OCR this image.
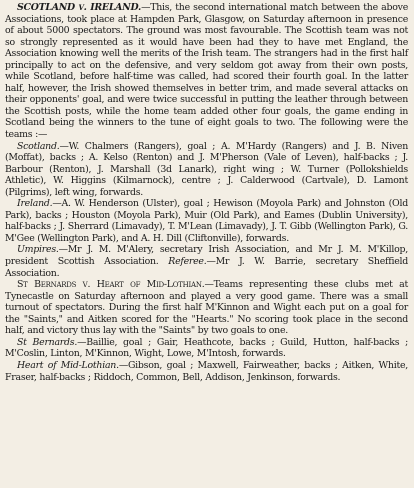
SCOTLAND v. IRELAND.—This, the second international match between the above Associations, took place at Hampden Park, Glasgow, on Saturday afternoon in presence of about 5000 spectators. The ground was most favourable. The Scottish team was not so strongly represented as it would have been had they to have met England, the Association knowing well the merits of the Irish team. The strangers had in the first half principally to act on the defensive, and very seldom got away from their own posts, while Scotland, before half-time was called, had scored their fourth goal. In the latter half, however, the Irish showed themselves in better trim, and made several attacks on their opponents' goal, and were twice successful in putting the leather through between the Scottish posts, while the home team added other four goals, the game ending in Scotland being the winners to the tune of eight goals to two. The following were the teams :—

Scotland.—W. Chalmers (Rangers), goal ; A. M'Hardy (Rangers) and J. B. Niven (Moffat), backs ; A. Kelso (Renton) and J. M'Pherson (Vale of Leven), half-backs ; J. Barbour (Renton), J. Marshall (3d Lanark), right wing ; W. Turner (Pollokshields Athletic), W. Higgins (Kilmarnock), centre ; J. Calderwood (Cartvale), D. Lamont (Pilgrims), left wing, forwards.

Ireland.—A. W. Henderson (Ulster), goal ; Hewison (Moyola Park) and Johnston (Old Park), backs ; Houston (Moyola Park), Muir (Old Park), and Eames (Dublin University), half-backs ; J. Sherrard (Limavady), T. M'Lean (Limavady), J. T. Gibb (Wellington Park), G. M'Gee (Wellington Park), and A. H. Dill (Cliftonville), forwards.

Umpires.—Mr J. M. M'Alery, secretary Irish Association, and Mr J. M. M'Killop, president Scottish Association. Referee.—Mr J. W. Barrie, secretary Sheffield Association.

St Bernards v. Heart of Mid-Lothian.—Teams representing these clubs met at Tynecastle on Saturday afternoon and played a very good game. There was a small turnout of spectators. During the first half M'Kinnon and Wight each put on a goal for the "Saints," and Aitken scored for the "Hearts." No scoring took place in the second half, and victory thus lay with the "Saints" by two goals to one.

St Bernards.—Baillie, goal ; Gair, Heathcote, backs ; Guild, Hutton, half-backs ; M'Coslin, Linton, M'Kinnon, Wight, Lowe, M'Intosh, forwards.

Heart of Mid-Lothian.—Gibson, goal ; Maxwell, Fairweather, backs ; Aitken, White, Fraser, half-backs ; Riddoch, Common, Bell, Addison, Jenkinson, forwards.
